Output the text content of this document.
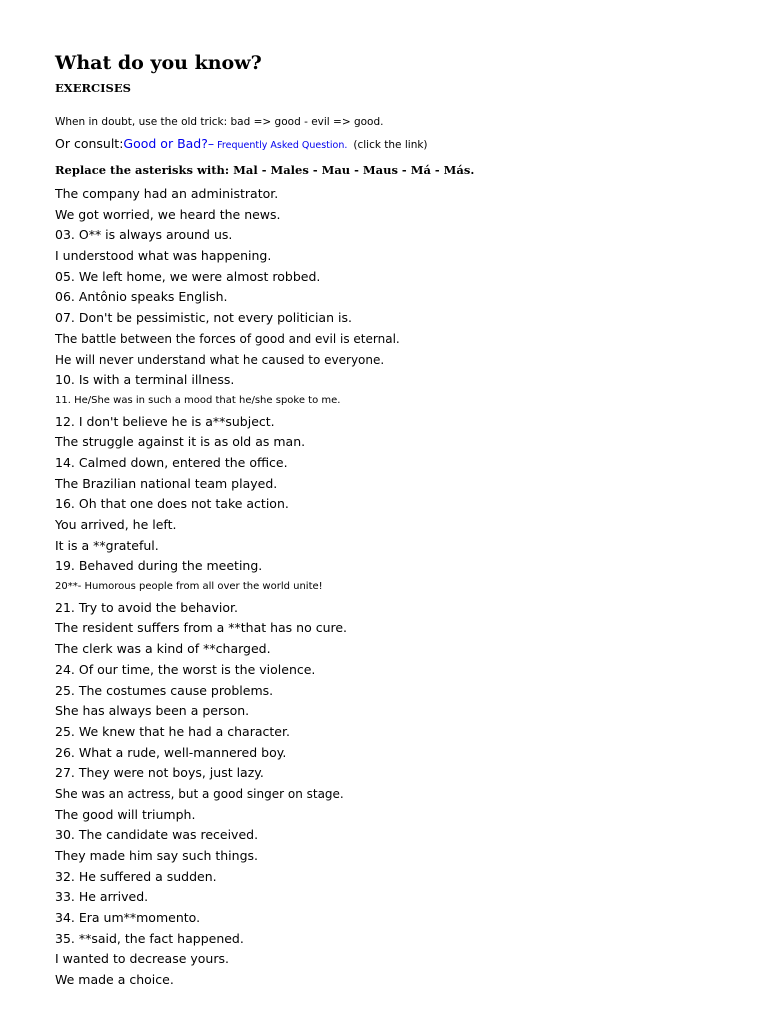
What do you know?
EXERCISES
When in doubt, use the old trick: bad => good - evil => good.
Or consult:Good or Bad?– Frequently Asked Question. (click the link)
Replace the asterisks with: Mal - Males - Mau - Maus - Má - Más.
The company had an administrator.
We got worried, we heard the news.
03. O** is always around us.
I understood what was happening.
05. We left home, we were almost robbed.
06. Antônio speaks English.
07. Don't be pessimistic, not every politician is.
The battle between the forces of good and evil is eternal.
He will never understand what he caused to everyone.
10. Is with a terminal illness.
11. He/She was in such a mood that he/she spoke to me.
12. I don't believe he is a**subject.
The struggle against it is as old as man.
14. Calmed down, entered the office.
The Brazilian national team played.
16. Oh that one does not take action.
You arrived, he left.
It is a **grateful.
19. Behaved during the meeting.
20**- Humorous people from all over the world unite!
21. Try to avoid the behavior.
The resident suffers from a **that has no cure.
The clerk was a kind of **charged.
24. Of our time, the worst is the violence.
25. The costumes cause problems.
She has always been a person.
25. We knew that he had a character.
26. What a rude, well-mannered boy.
27. They were not boys, just lazy.
She was an actress, but a good singer on stage.
The good will triumph.
30. The candidate was received.
They made him say such things.
32. He suffered a sudden.
33. He arrived.
34. Era um**momento.
35. **said, the fact happened.
I wanted to decrease yours.
We made a choice.
